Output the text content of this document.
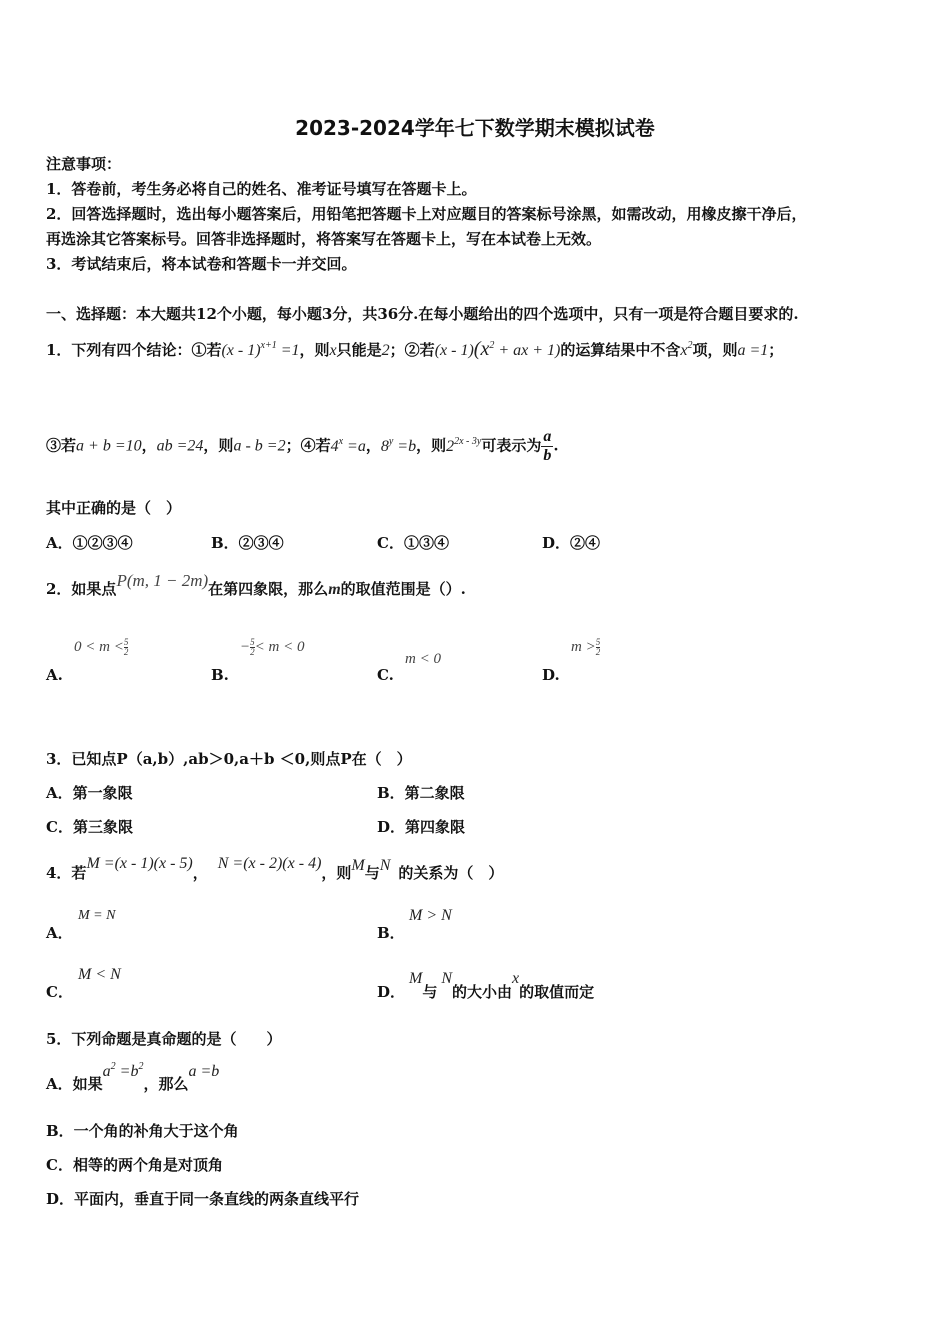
2023-2024学年七下数学期末模拟试卷
注意事项：
1．答卷前，考生务必将自己的姓名、准考证号填写在答题卡上。
2．回答选择题时，选出每小题答案后，用铅笔把答题卡上对应题目的答案标号涂黑，如需改动，用橡皮擦干净后，
再选涂其它答案标号。回答非选择题时，将答案写在答题卡上，写在本试卷上无效。
3．考试结束后，将本试卷和答题卡一并交回。
一、选择题：本大题共12个小题，每小题3分，共36分.在每小题给出的四个选项中，只有一项是符合题目要求的.
1．下列有四个结论：①若(x - 1)$^{x+1}$ =1，则x只能是2；②若$(x - 1)(x^2$ + ax + 1)的运算结果中不含$x^2$项，则a =1；
③若a + b =10，ab =24，则a - b =2；④若$4^x =a$，$8^y =b$，则$2^{2x - 3y}$可表示为 $\frac{a}{b}$ .
其中正确的是（　）
A．①②③④	B．②③④	C．①③④	D．②④
2．如果点P(m, 1 − 2m)在第四象限，那么m的取值范围是（）.
A.
$0 < m < \frac{5}{2}$
B.
− $\frac{5}{2} < m < 0$
C.
m < 0
D.
$m > \frac{5}{2}$
3．已知点P（a,b）,ab＞0,a＋b ＜0,则点P在（　）
A．第一象限	B．第二象限
C．第三象限	D．第四象限
4．若M =(x - 1)(x - 5)，N =(x - 2)(x - 4)，则M与N 的关系为（　）
A．
M = N
B．
M > N
C．
M < N
D．
M与N的大小由x的取值而定
5．下列命题是真命题的是（　　）
A．如果$a^2 =b^2$，那么a =b
B．一个角的补角大于这个角
C．相等的两个角是对顶角
D．平面内，垂直于同一条直线的两条直线平行
